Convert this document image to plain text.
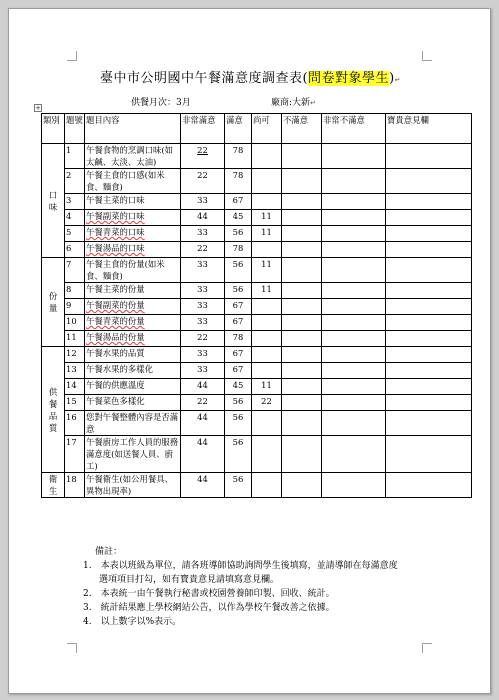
臺中市公明國中午餐滿意度調查表(問卷對象學生)↵
供餐月次：3月	廠商:大新↵
+
類別	題號	題目內容	非常滿意	滿意	尚可	不滿意	非常不滿意	寶貴意見欄

口
味	1	午餐食物的烹調口味(如太鹹、太淡、太油)	22	78				
	2	午餐主食的口感(如米食、麵食)	22	78				
	3	午餐主菜的口味	33	67				
	4	午餐副菜的口味	44	45	11			
	5	午餐青菜的口味	33	56	11			
	6	午餐湯品的口味	22	78				

份
量	7	午餐主食的份量(如米食、麵食)	33	56	11			
	8	午餐主菜的份量	33	56	11			
	9	午餐副菜的份量	33	67				
	10	午餐青菜的份量	33	67				
	11	午餐湯品的份量	22	78				

供
餐
品
質	12	午餐水果的品質	33	67				
	13	午餐水果的多樣化	33	67				
	14	午餐的供應溫度	44	45	11			
	15	午餐菜色多樣化	22	56	22			
	16	您對午餐整體內容是否滿意	44	56				
	17	午餐廚房工作人員的服務滿意度(如送餐人員、廚工)	44	56				

衛
生	18	午餐衛生(如公用餐具、異物出現率)	44	56				
備註：
1.　本表以班級為單位，請各班導師協助詢問學生後填寫，並請導師在每滿意度
選項項目打勾，如有寶貴意見請填寫意見欄。
2.　本表統一由午餐執行秘書或校園營養師印製、回收、統計。
3.　統計結果應上學校網站公告，以作為學校午餐改善之依據。
4.　以上數字以%表示。
